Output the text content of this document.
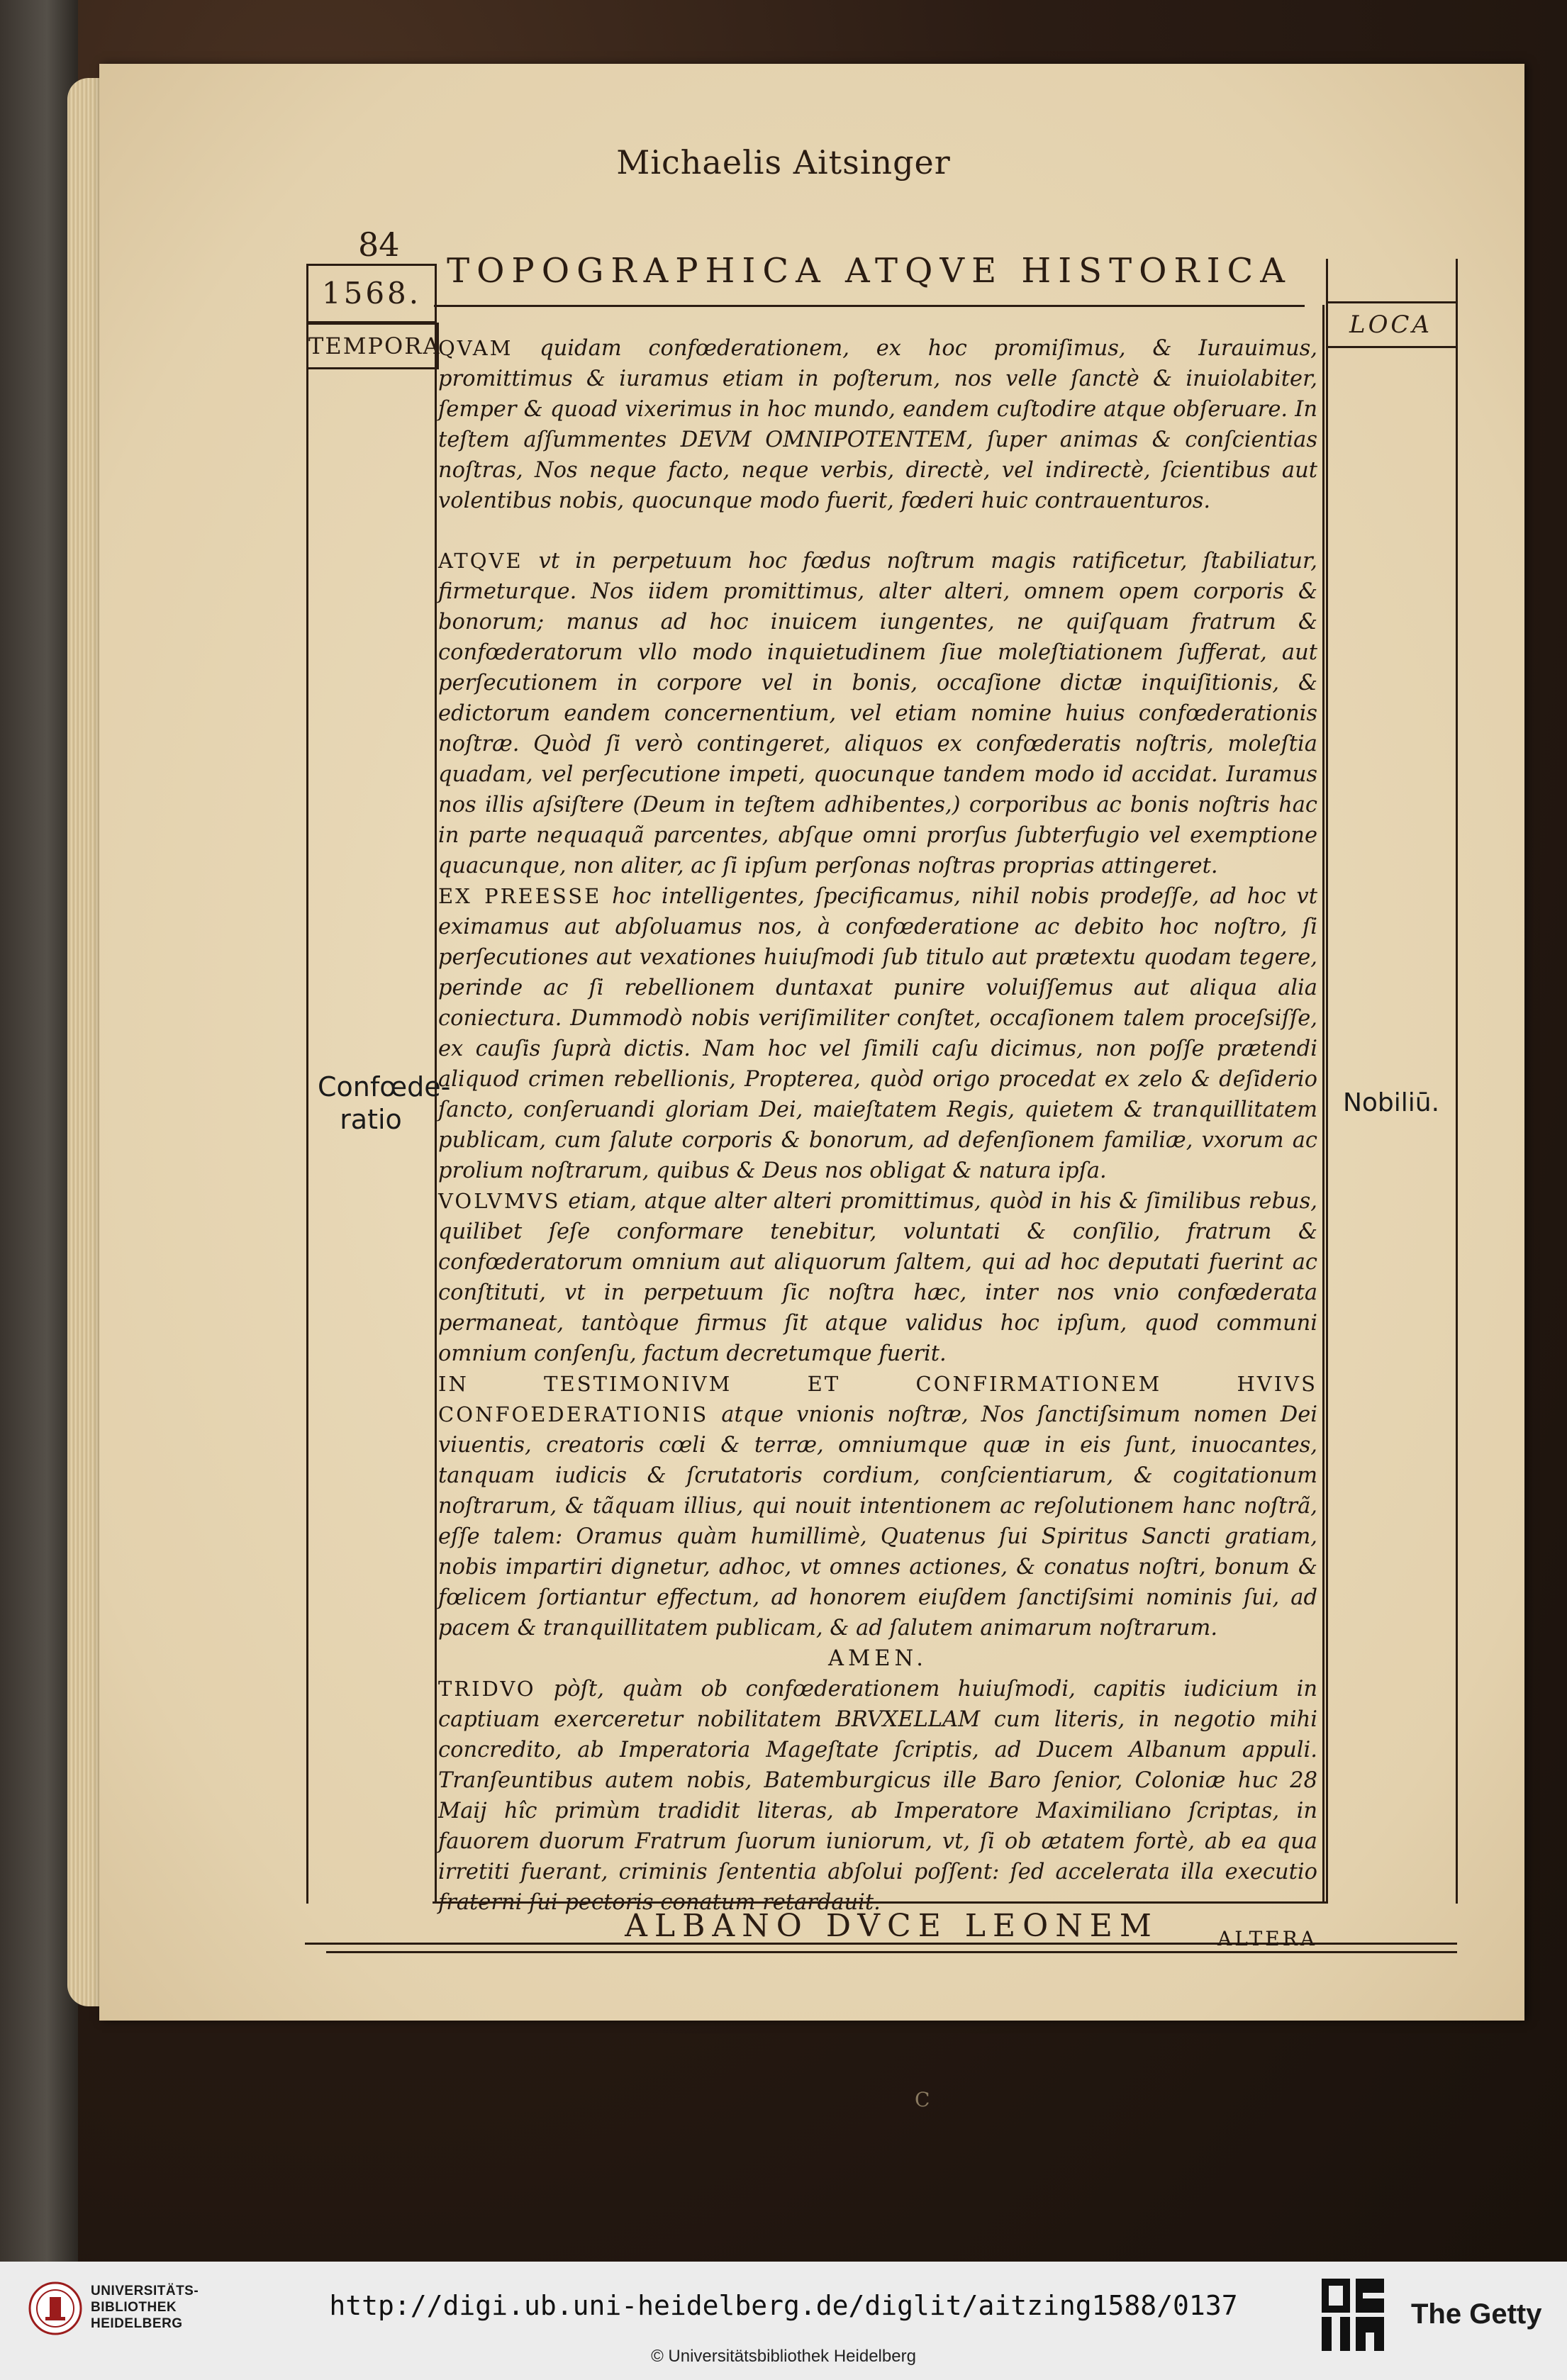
Michaelis Aitsinger
84
1568.
TOPOGRAPHICA ATQVE HISTORICA
TEMPORA
LOCA
Confœde-
ratio
Nobiliū.

QVAM quidam confœderationem, ex hoc promiſimus, & Iurauimus, promittimus & iuramus etiam in poſterum, nos velle ſanctè & inuiolabiter, ſemper & quoad vixerimus in hoc mundo, eandem cuſtodire atque obſeruare. In teſtem aſſummentes DEVM OMNIPOTENTEM, ſuper animas & conſcientias noſtras, Nos neque facto, neque verbis, directè, vel indirectè, ſcientibus aut volentibus nobis, quocunque modo fuerit, fœderi huic contrauenturos.

ATQVE vt in perpetuum hoc fœdus noſtrum magis ratificetur, ſtabiliatur, firmeturque. Nos iidem promittimus, alter alteri, omnem opem corporis & bonorum; manus ad hoc inuicem iungentes, ne quiſquam fratrum & confœderatorum vllo modo inquietudinem ſiue moleſtiationem ſufferat, aut perſecutionem in corpore vel in bonis, occaſione dictæ inquiſitionis, & edictorum eandem concernentium, vel etiam nomine huius confœderationis noſtræ. Quòd ſi verò contingeret, aliquos ex confœderatis noſtris, moleſtia quadam, vel perſecutione impeti, quocunque tandem modo id accidat. Iuramus nos illis aſsiſtere (Deum in teſtem adhibentes,) corporibus ac bonis noſtris hac in parte nequaquã parcentes, abſque omni prorſus ſubterfugio vel exemptione quacunque, non aliter, ac ſi ipſum perſonas noſtras proprias attingeret.

EX PREESSE hoc intelligentes, ſpecificamus, nihil nobis prodeſſe, ad hoc vt eximamus aut abſoluamus nos, à confœderatione ac debito hoc noſtro, ſi perſecutiones aut vexationes huiuſmodi ſub titulo aut prætextu quodam tegere, perinde ac ſi rebellionem duntaxat punire voluiſſemus aut aliqua alia coniectura. Dummodò nobis veriſimiliter conſtet, occaſionem talem proceſsiſſe, ex cauſis ſuprà dictis. Nam hoc vel ſimili caſu dicimus, non poſſe prætendi aliquod crimen rebellionis, Propterea, quòd origo procedat ex zelo & deſiderio ſancto, conſeruandi gloriam Dei, maieſtatem Regis, quietem & tranquillitatem publicam, cum ſalute corporis & bonorum, ad defenſionem familiæ, vxorum ac prolium noſtrarum, quibus & Deus nos obligat & natura ipſa.

VOLVMVS etiam, atque alter alteri promittimus, quòd in his & ſimilibus rebus, quilibet ſeſe conformare tenebitur, voluntati & conſilio, fratrum & confœderatorum omnium aut aliquorum ſaltem, qui ad hoc deputati fuerint ac conſtituti, vt in perpetuum ſic noſtra hæc, inter nos vnio confœderata permaneat, tantòque firmus ſit atque validus hoc ipſum, quod communi omnium conſenſu, factum decretumque fuerit.

IN TESTIMONIVM ET CONFIRMATIONEM HVIVS CONFOEDERATIONIS atque vnionis noſtræ, Nos ſanctiſsimum nomen Dei viuentis, creatoris cœli & terræ, omniumque quæ in eis ſunt, inuocantes, tanquam iudicis & ſcrutatoris cordium, conſcientiarum, & cogitationum noſtrarum, & tãquam illius, qui nouit intentionem ac reſolutionem hanc noſtrã, eſſe talem: Oramus quàm humillimè, Quatenus ſui Spiritus Sancti gratiam, nobis impartiri dignetur, adhoc, vt omnes actiones, & conatus noſtri, bonum & fœlicem ſortiantur effectum, ad honorem eiuſdem ſanctiſsimi nominis ſui, ad pacem & tranquillitatem publicam, & ad ſalutem animarum noſtrarum.

AMEN.

TRIDVO pòſt, quàm ob confœderationem huiuſmodi, capitis iudicium in captiuam exerceretur nobilitatem BRVXELLAM cum literis, in negotio mihi concredito, ab Imperatoria Mageſtate ſcriptis, ad Ducem Albanum appuli. Tranſeuntibus autem nobis, Batemburgicus ille Baro ſenior, Coloniæ huc 28 Maij hîc primùm tradidit literas, ab Imperatore Maximiliano ſcriptas, in fauorem duorum Fratrum ſuorum iuniorum, vt, ſi ob ætatem fortè, ab ea qua irretiti fuerant, criminis ſententia abſolui poſſent: ſed accelerata illa executio fraterni ſui pectoris conatum retardauit.

ALTERA

ALBANO DVCE LEONEM
C
UNIVERSITÄTS-
BIBLIOTHEK
HEIDELBERG
http://digi.ub.uni-heidelberg.de/diglit/aitzing1588/0137
© Universitätsbibliothek Heidelberg
The Getty
